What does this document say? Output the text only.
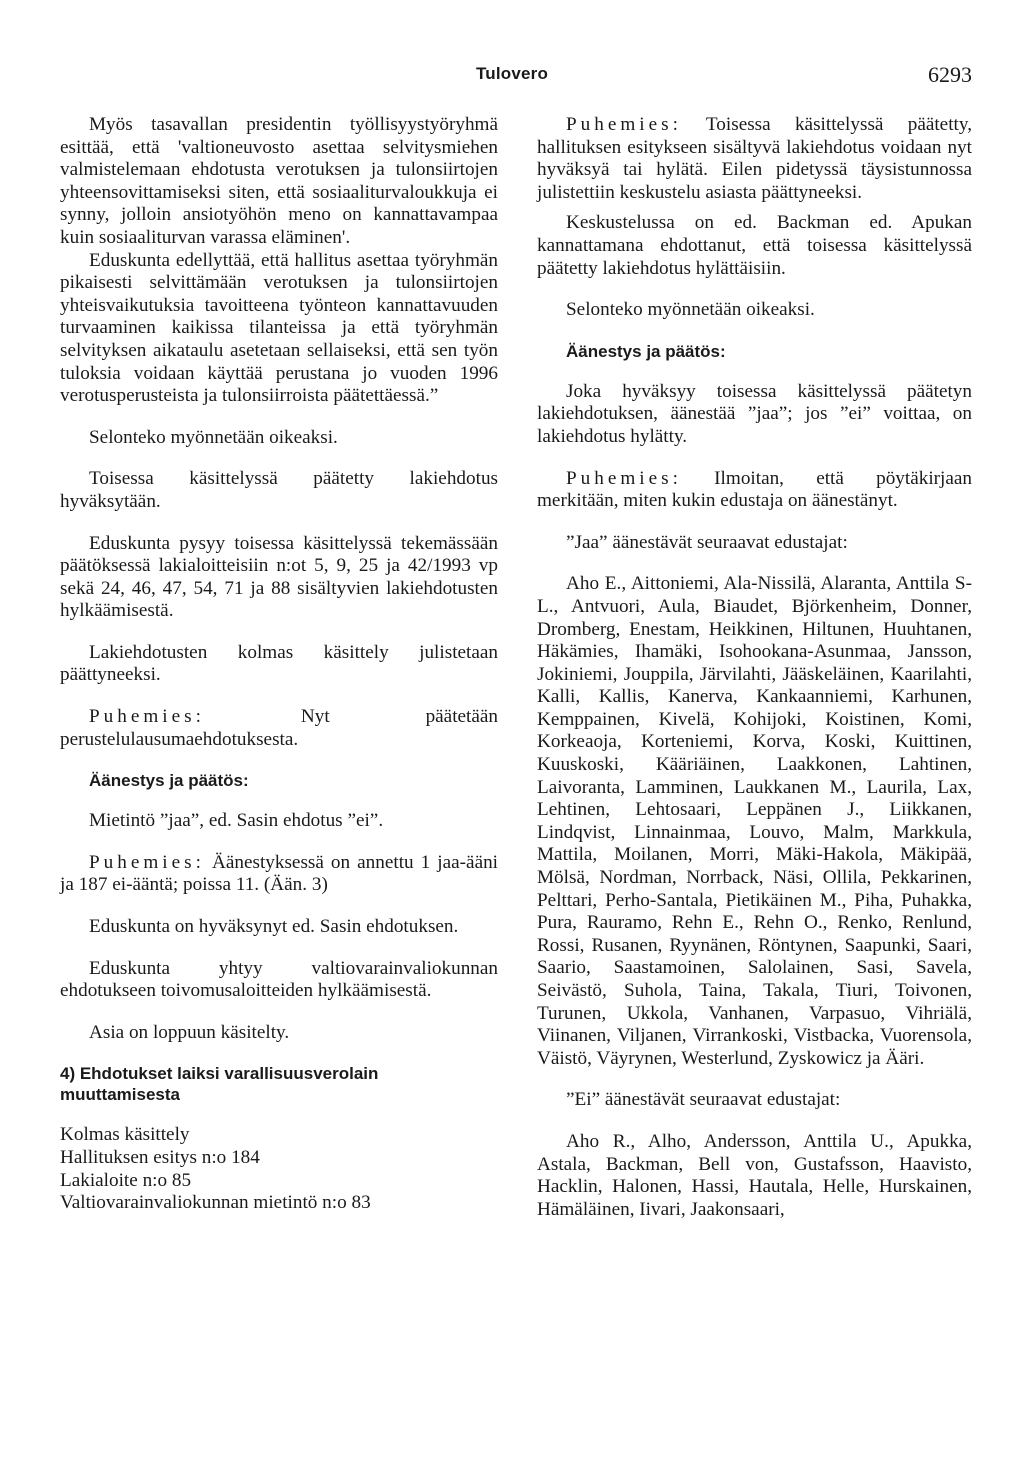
Tulovero	6293

Myös tasavallan presidentin työllisyystyöryhmä esittää, että 'valtioneuvosto asettaa selvitysmiehen valmistelemaan ehdotusta verotuksen ja tulonsiirtojen yhteensovittamiseksi siten, että sosiaaliturvaloukkuja ei synny, jolloin ansiotyöhön meno on kannattavampaa kuin sosiaaliturvan varassa eläminen'.

Eduskunta edellyttää, että hallitus asettaa työryhmän pikaisesti selvittämään verotuksen ja tulonsiirtojen yhteisvaikutuksia tavoitteena työnteon kannattavuuden turvaaminen kaikissa tilanteissa ja että työryhmän selvityksen aikataulu asetetaan sellaiseksi, että sen työn tuloksia voidaan käyttää perustana jo vuoden 1996 verotusperusteista ja tulonsiirroista päätettäessä.”

Selonteko myönnetään oikeaksi.

Toisessa käsittelyssä päätetty lakiehdotus hyväksytään.

Eduskunta pysyy toisessa käsittelyssä tekemässään päätöksessä lakialoitteisiin n:ot 5, 9, 25 ja 42/1993 vp sekä 24, 46, 47, 54, 71 ja 88 sisältyvien lakiehdotusten hylkäämisestä.

Lakiehdotusten kolmas käsittely julistetaan päättyneeksi.

Puhemies:	Nyt päätetään perustelulausumaehdotuksesta.

Äänestys ja päätös:

Mietintö ”jaa”, ed. Sasin ehdotus ”ei”.

Puhemies: Äänestyksessä on annettu 1 jaa-ääni ja 187 ei-ääntä; poissa 11. (Ään. 3)

Eduskunta on hyväksynyt ed. Sasin ehdotuksen.

Eduskunta yhtyy valtiovarainvaliokunnan ehdotukseen toivomusaloitteiden hylkäämisestä.

Asia on loppuun käsitelty.

4) Ehdotukset laiksi varallisuusverolain muuttamisesta

Kolmas käsittely

Hallituksen esitys n:o 184

Lakialoite n:o 85

Valtiovarainvaliokunnan mietintö n:o 83

Puhemies: Toisessa käsittelyssä päätetty, hallituksen esitykseen sisältyvä lakiehdotus voidaan nyt hyväksyä tai hylätä. Eilen pidetyssä täysistunnossa julistettiin keskustelu asiasta päättyneeksi.

Keskustelussa on ed. Backman ed. Apukan kannattamana ehdottanut, että toisessa käsittelyssä päätetty lakiehdotus hylättäisiin.

Selonteko myönnetään oikeaksi.

Äänestys ja päätös:

Joka hyväksyy toisessa käsittelyssä päätetyn lakiehdotuksen, äänestää ”jaa”; jos ”ei” voittaa, on lakiehdotus hylätty.

Puhemies: Ilmoitan, että pöytäkirjaan merkitään, miten kukin edustaja on äänestänyt.

”Jaa” äänestävät seuraavat edustajat:

Aho E., Aittoniemi, Ala-Nissilä, Alaranta, Anttila S-L., Antvuori, Aula, Biaudet, Björkenheim, Donner, Dromberg, Enestam, Heikkinen, Hiltunen, Huuhtanen, Häkämies, Ihamäki, Isohookana-Asunmaa, Jansson, Jokiniemi, Jouppila, Järvilahti, Jääskeläinen, Kaarilahti, Kalli, Kallis, Kanerva, Kankaanniemi, Karhunen, Kemppainen, Kivelä, Kohijoki, Koistinen, Komi, Korkeaoja, Korteniemi, Korva, Koski, Kuittinen, Kuuskoski, Kääriäinen, Laakkonen, Lahtinen, Laivoranta, Lamminen, Laukkanen M., Laurila, Lax, Lehtinen, Lehtosaari, Leppänen J., Liikkanen, Lindqvist, Linnainmaa, Louvo, Malm, Markkula, Mattila, Moilanen, Morri, Mäki-Hakola, Mäkipää, Mölsä, Nordman, Norrback, Näsi, Ollila, Pekkarinen, Pelttari, Perho-Santala, Pietikäinen M., Piha, Puhakka, Pura, Rauramo, Rehn E., Rehn O., Renko, Renlund, Rossi, Rusanen, Ryynänen, Röntynen, Saapunki, Saari, Saario, Saastamoinen, Salolainen, Sasi, Savela, Seivästö, Suhola, Taina, Takala, Tiuri, Toivonen, Turunen, Ukkola, Vanhanen, Varpasuo, Vihriälä, Viinanen, Viljanen, Virrankoski, Vistbacka, Vuorensola, Väistö, Väyrynen, Westerlund, Zyskowicz ja Ääri.

”Ei” äänestävät seuraavat edustajat:

Aho R., Alho, Andersson, Anttila U., Apukka, Astala, Backman, Bell von, Gustafsson, Haavisto, Hacklin, Halonen, Hassi, Hautala, Helle, Hurskainen, Hämäläinen, Iivari, Jaakonsaari,
